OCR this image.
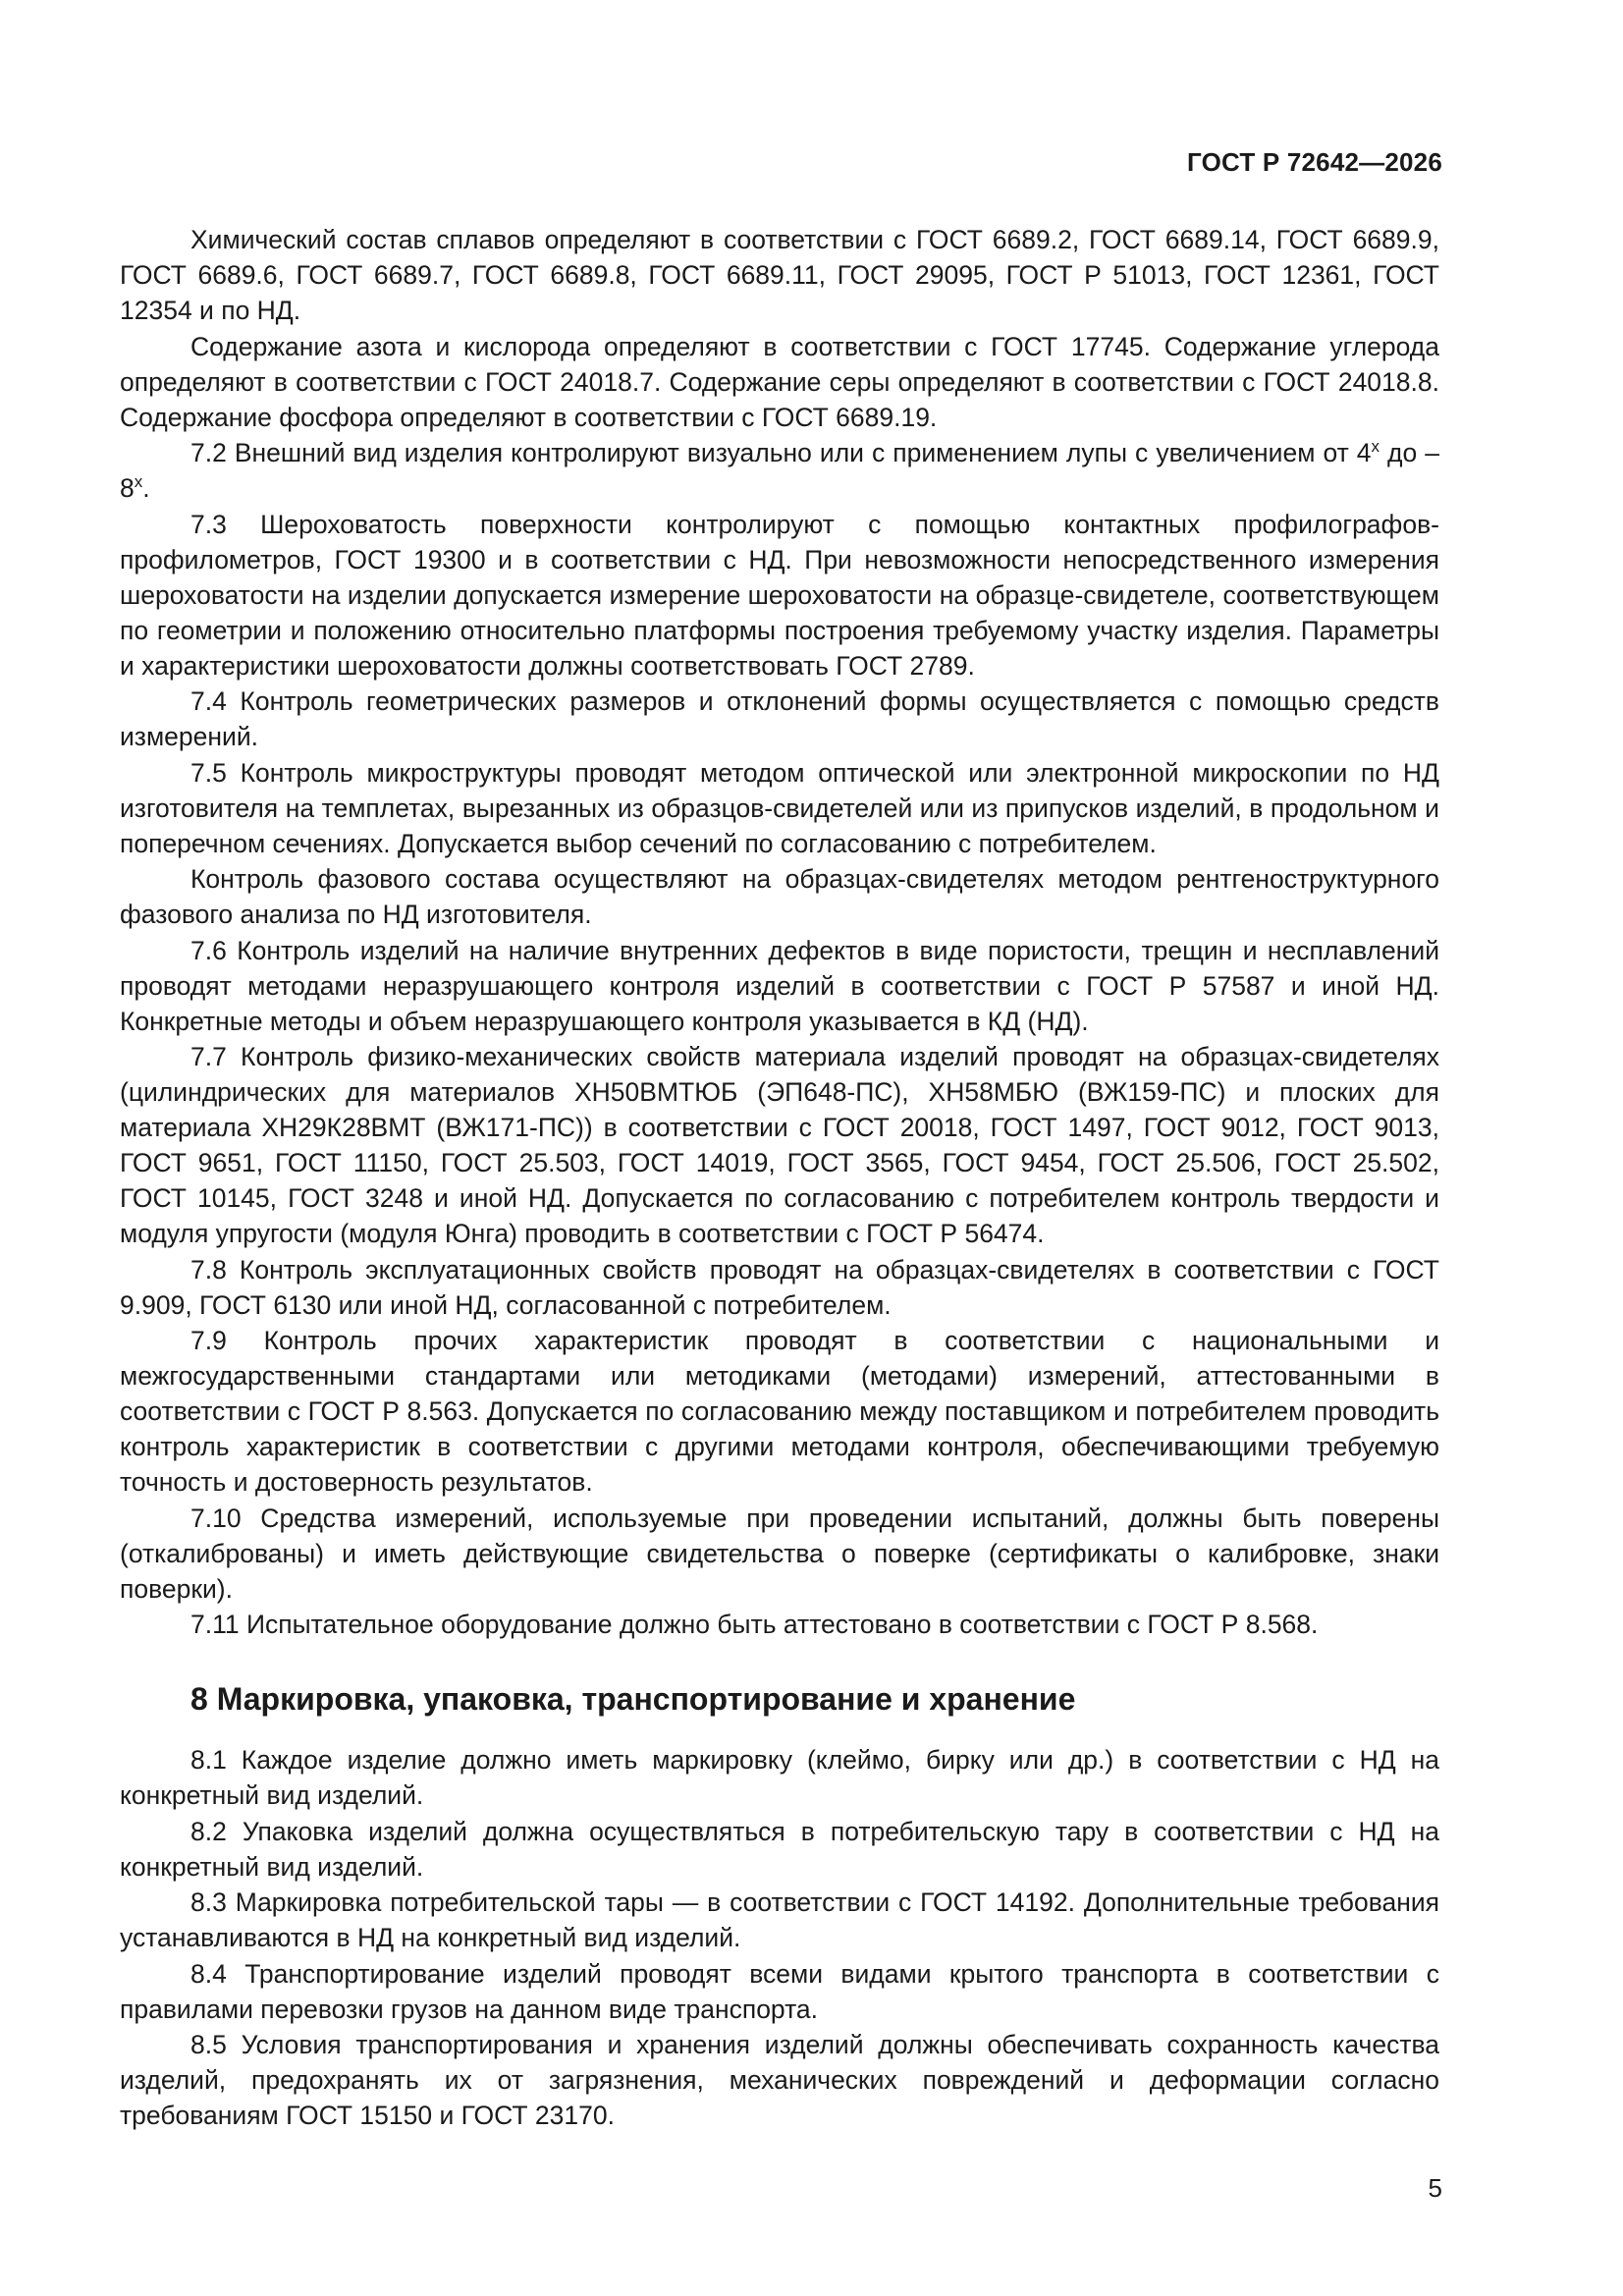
ГОСТ Р 72642—2026

Химический состав сплавов определяют в соответствии с ГОСТ 6689.2, ГОСТ 6689.14, ГОСТ 6689.9, ГОСТ 6689.6, ГОСТ 6689.7, ГОСТ 6689.8, ГОСТ 6689.11, ГОСТ 29095, ГОСТ Р 51013, ГОСТ 12361, ГОСТ 12354 и по НД.

Содержание азота и кислорода определяют в соответствии с ГОСТ 17745. Содержание углерода определяют в соответствии с ГОСТ 24018.7. Содержание серы определяют в соответствии с ГОСТ 24018.8. Содержание фосфора определяют в соответствии с ГОСТ 6689.19.

7.2 Внешний вид изделия контролируют визуально или с применением лупы с увеличением от $4^х$ до $-8^х$.

7.3 Шероховатость поверхности контролируют с помощью контактных профилографов-профилометров, ГОСТ 19300 и в соответствии с НД. При невозможности непосредственного измерения шероховатости на изделии допускается измерение шероховатости на образце-свидетеле, соответствующем по геометрии и положению относительно платформы построения требуемому участку изделия. Параметры и характеристики шероховатости должны соответствовать ГОСТ 2789.

7.4 Контроль геометрических размеров и отклонений формы осуществляется с помощью средств измерений.

7.5 Контроль микроструктуры проводят методом оптической или электронной микроскопии по НД изготовителя на темплетах, вырезанных из образцов-свидетелей или из припусков изделий, в продольном и поперечном сечениях. Допускается выбор сечений по согласованию с потребителем.

Контроль фазового состава осуществляют на образцах-свидетелях методом рентгеноструктурного фазового анализа по НД изготовителя.

7.6 Контроль изделий на наличие внутренних дефектов в виде пористости, трещин и несплавлений проводят методами неразрушающего контроля изделий в соответствии с ГОСТ Р 57587 и иной НД. Конкретные методы и объем неразрушающего контроля указывается в КД (НД).

7.7 Контроль физико-механических свойств материала изделий проводят на образцах-свидетелях (цилиндрических для материалов ХН50ВМТЮБ (ЭП648-ПС), ХН58МБЮ (ВЖ159-ПС) и плоских для материала ХН29К28ВМТ (ВЖ171-ПС)) в соответствии с ГОСТ 20018, ГОСТ 1497, ГОСТ 9012, ГОСТ 9013, ГОСТ 9651, ГОСТ 11150, ГОСТ 25.503, ГОСТ 14019, ГОСТ 3565, ГОСТ 9454, ГОСТ 25.506, ГОСТ 25.502, ГОСТ 10145, ГОСТ 3248 и иной НД. Допускается по согласованию с потребителем контроль твердости и модуля упругости (модуля Юнга) проводить в соответствии с ГОСТ Р 56474.

7.8 Контроль эксплуатационных свойств проводят на образцах-свидетелях в соответствии с ГОСТ 9.909, ГОСТ 6130 или иной НД, согласованной с потребителем.

7.9 Контроль прочих характеристик проводят в соответствии с национальными и межгосударственными стандартами или методиками (методами) измерений, аттестованными в соответствии с ГОСТ Р 8.563. Допускается по согласованию между поставщиком и потребителем проводить контроль характеристик в соответствии с другими методами контроля, обеспечивающими требуемую точность и достоверность результатов.

7.10 Средства измерений, используемые при проведении испытаний, должны быть поверены (откалиброваны) и иметь действующие свидетельства о поверке (сертификаты о калибровке, знаки поверки).

7.11 Испытательное оборудование должно быть аттестовано в соответствии с ГОСТ Р 8.568.

8 Маркировка, упаковка, транспортирование и хранение

8.1 Каждое изделие должно иметь маркировку (клеймо, бирку или др.) в соответствии с НД на конкретный вид изделий.

8.2 Упаковка изделий должна осуществляться в потребительскую тару в соответствии с НД на конкретный вид изделий.

8.3 Маркировка потребительской тары — в соответствии с ГОСТ 14192. Дополнительные требования устанавливаются в НД на конкретный вид изделий.

8.4 Транспортирование изделий проводят всеми видами крытого транспорта в соответствии с правилами перевозки грузов на данном виде транспорта.

8.5 Условия транспортирования и хранения изделий должны обеспечивать сохранность качества изделий, предохранять их от загрязнения, механических повреждений и деформации согласно требованиям ГОСТ 15150 и ГОСТ 23170.

5
